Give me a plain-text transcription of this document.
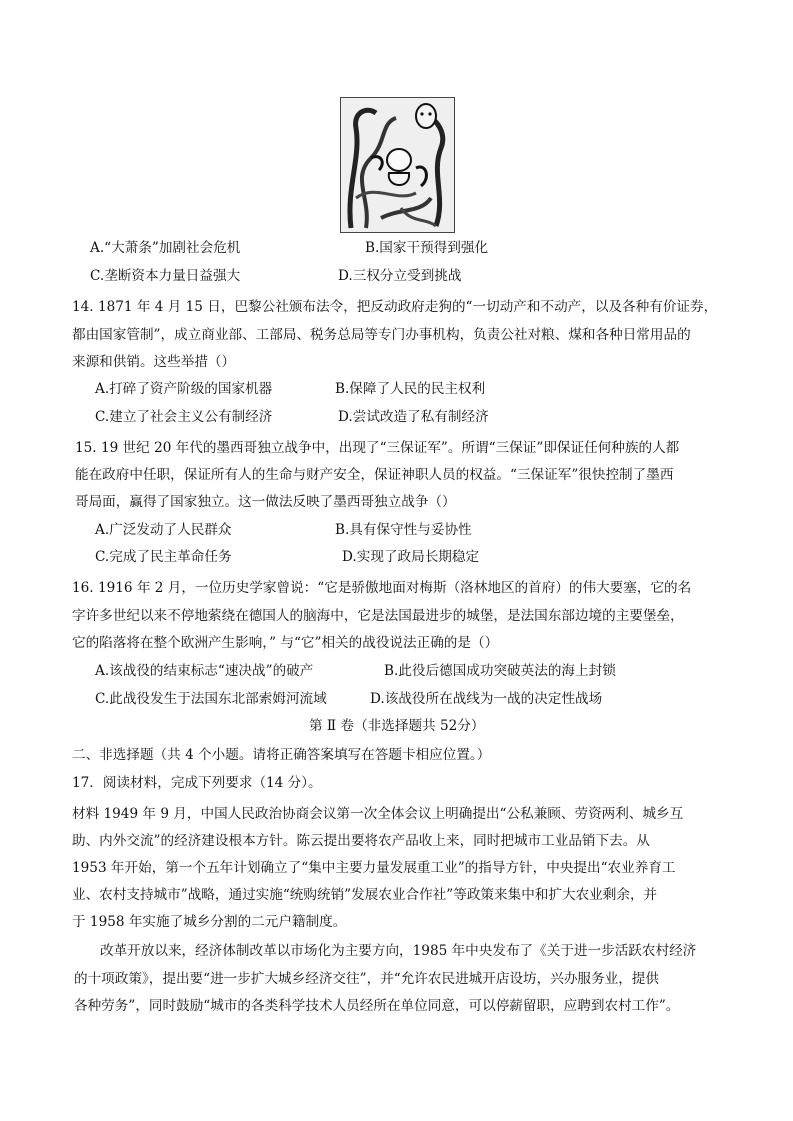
A.“大萧条”加剧社会危机	B.国家干预得到强化
C.垄断资本力量日益强大	D.三权分立受到挑战
14. 1871 年 4 月 15 日，巴黎公社颁布法令，把反动政府走狗的“一切动产和不动产，以及各种有价证券，
都由国家管制”，成立商业部、工部局、税务总局等专门办事机构，负责公社对粮、煤和各种日常用品的
来源和供销。这些举措（）
A.打碎了资产阶级的国家机器	B.保障了人民的民主权利
C.建立了社会主义公有制经济	D.尝试改造了私有制经济
15. 19 世纪 20 年代的墨西哥独立战争中，出现了“三保证军”。所谓“三保证”即保证任何种族的人都
能在政府中任职，保证所有人的生命与财产安全，保证神职人员的权益。“三保证军”很快控制了墨西
哥局面，赢得了国家独立。这一做法反映了墨西哥独立战争（）
A.广泛发动了人民群众	B.具有保守性与妥协性
C.完成了民主革命任务	D.实现了政局长期稳定
16. 1916 年 2 月，一位历史学家曾说：“它是骄傲地面对梅斯（洛林地区的首府）的伟大要塞，它的名
字许多世纪以来不停地萦绕在德国人的脑海中，它是法国最进步的城堡，是法国东部边境的主要堡垒，
它的陷落将在整个欧洲产生影响，” 与“它”相关的战役说法正确的是（）
A.该战役的结束标志“速决战”的破产	B.此役后德国成功突破英法的海上封锁
C.此战役发生于法国东北部索姆河流域	D.该战役所在战线为一战的决定性战场
第 Ⅱ 卷（非选择题共 52分）
二、非选择题（共 4 个小题。请将正确答案填写在答题卡相应位置。）
17．阅读材料，完成下列要求（14 分）。
材料 1949 年 9 月，中国人民政治协商会议第一次全体会议上明确提出“公私兼顾、劳资两利、城乡互
助、内外交流”的经济建设根本方针。陈云提出要将农产品收上来，同时把城市工业品销下去。从
1953 年开始，第一个五年计划确立了“集中主要力量发展重工业”的指导方针，中央提出“农业养育工
业、农村支持城市”战略，通过实施“统购统销”发展农业合作社”等政策来集中和扩大农业剩余，并
于 1958 年实施了城乡分割的二元户籍制度。
改革开放以来，经济体制改革以市场化为主要方向，1985 年中央发布了《关于进一步活跃农村经济
的十项政策》，提出要“进一步扩大城乡经济交往”，并“允许农民进城开店设坊，兴办服务业，提供
各种劳务”，同时鼓励“城市的各类科学技术人员经所在单位同意，可以停薪留职，应聘到农村工作”。
